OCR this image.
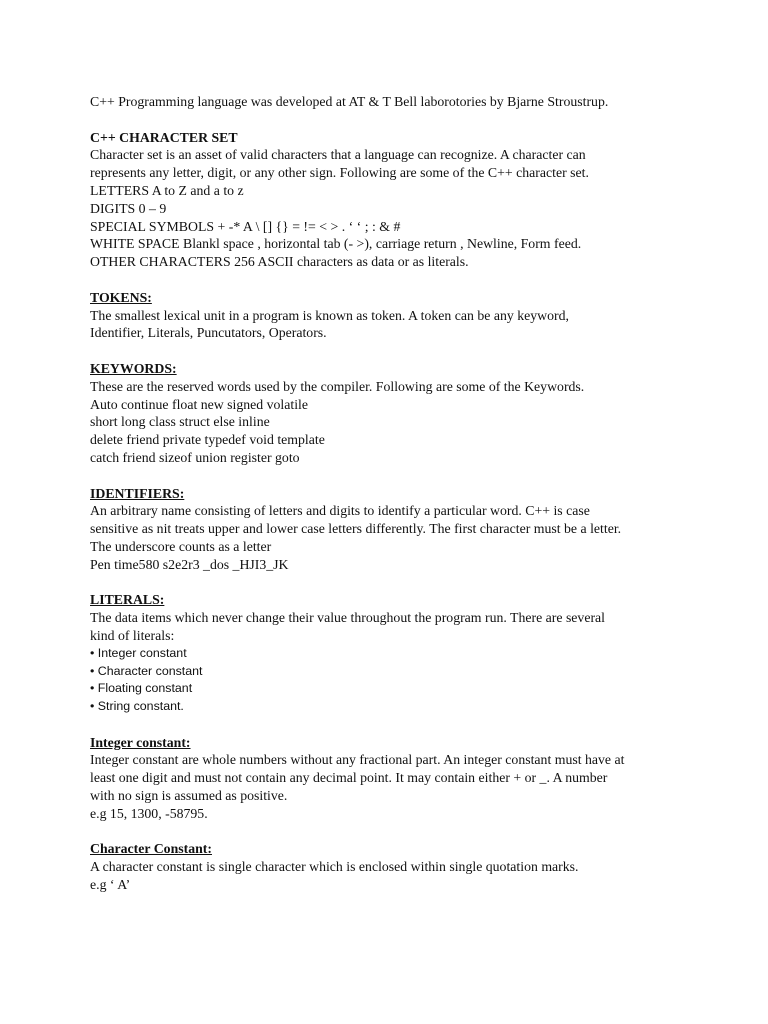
C++ Programming language was developed at AT & T Bell laborotories by Bjarne Stroustrup.
C++ CHARACTER SET
Character set is an asset of valid characters that a language can recognize. A character can
represents any letter, digit, or any other sign. Following are some of the C++ character set.
LETTERS A to Z and a to z
DIGITS 0 – 9
SPECIAL SYMBOLS + -* A \ [] {} = != < > . ‘ ‘ ; : & #
WHITE SPACE Blankl space , horizontal tab (- >), carriage return , Newline, Form feed.
OTHER CHARACTERS 256 ASCII characters as data or as literals.
TOKENS:
The smallest lexical unit in a program is known as token. A token can be any keyword,
Identifier, Literals, Puncutators, Operators.
KEYWORDS:
These are the reserved words used by the compiler. Following are some of the Keywords.
Auto continue float new signed volatile
short long class struct else inline
delete friend private typedef void template
catch friend sizeof union register goto
IDENTIFIERS:
An arbitrary name consisting of letters and digits to identify a particular word. C++ is case
sensitive as nit treats upper and lower case letters differently. The first character must be a letter.
The underscore counts as a letter
Pen time580 s2e2r3 _dos _HJI3_JK
LITERALS:
The data items which never change their value throughout the program run. There are several
kind of literals:
• Integer constant
• Character constant
• Floating constant
• String constant.
Integer constant:
Integer constant are whole numbers without any fractional part. An integer constant must have at
least one digit and must not contain any decimal point. It may contain either + or _. A number
with no sign is assumed as positive.
e.g 15, 1300, -58795.
Character Constant:
A character constant is single character which is enclosed within single quotation marks.
e.g ‘ A’
